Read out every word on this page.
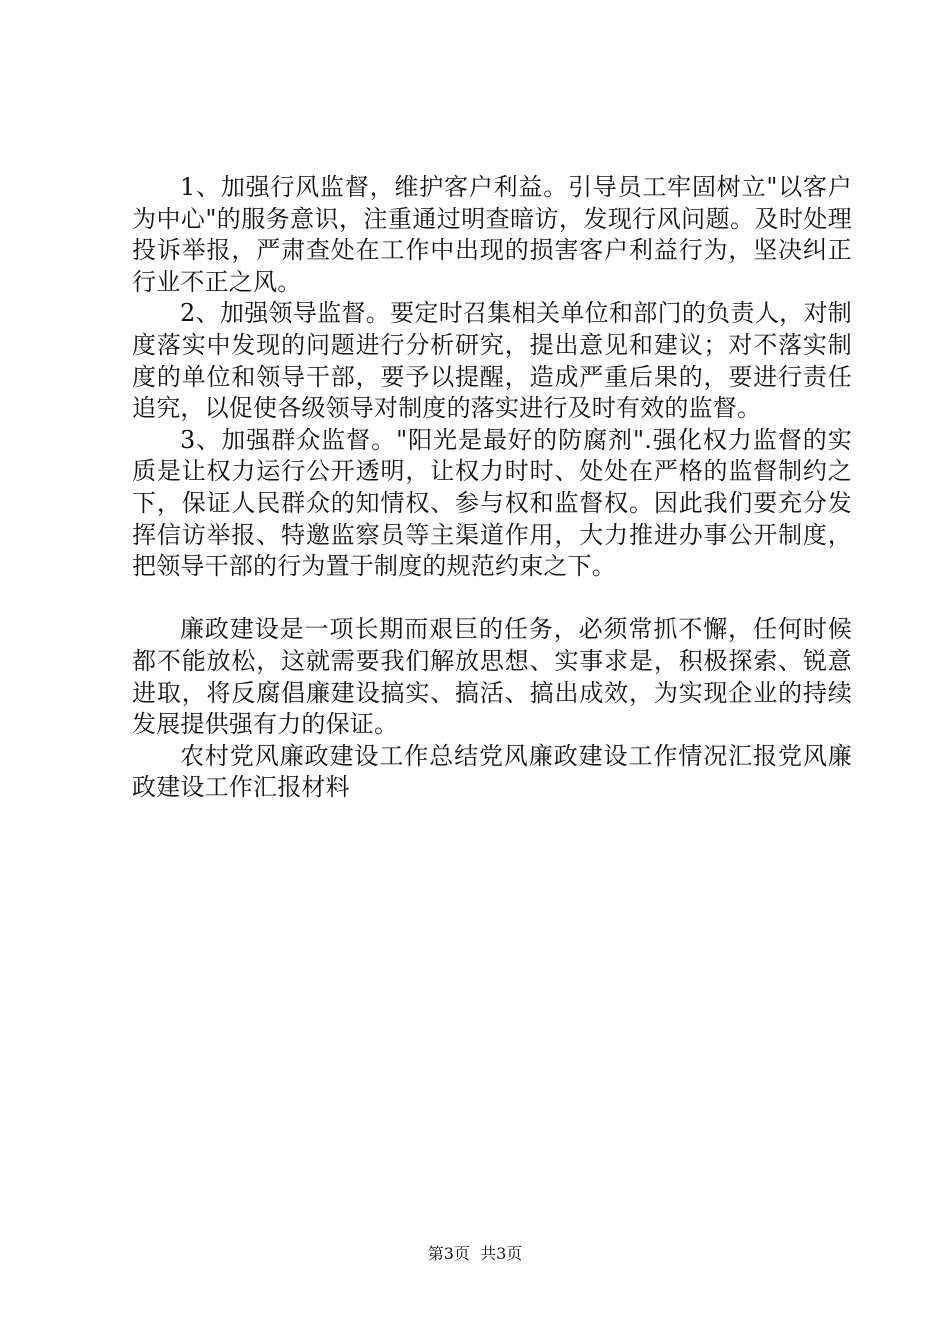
1、加强行风监督，维护客户利益。引导员工牢固树立"以客户为中心"的服务意识，注重通过明查暗访，发现行风问题。及时处理投诉举报，严肃查处在工作中出现的损害客户利益行为，坚决纠正行业不正之风。

2、加强领导监督。要定时召集相关单位和部门的负责人，对制度落实中发现的问题进行分析研究，提出意见和建议；对不落实制度的单位和领导干部，要予以提醒，造成严重后果的，要进行责任追究，以促使各级领导对制度的落实进行及时有效的监督。

3、加强群众监督。"阳光是最好的防腐剂".强化权力监督的实质是让权力运行公开透明，让权力时时、处处在严格的监督制约之下，保证人民群众的知情权、参与权和监督权。因此我们要充分发挥信访举报、特邀监察员等主渠道作用，大力推进办事公开制度，把领导干部的行为置于制度的规范约束之下。

廉政建设是一项长期而艰巨的任务，必须常抓不懈，任何时候都不能放松，这就需要我们解放思想、实事求是，积极探索、锐意进取，将反腐倡廉建设搞实、搞活、搞出成效，为实现企业的持续发展提供强有力的保证。

农村党风廉政建设工作总结党风廉政建设工作情况汇报党风廉政建设工作汇报材料

第3页  共3页
